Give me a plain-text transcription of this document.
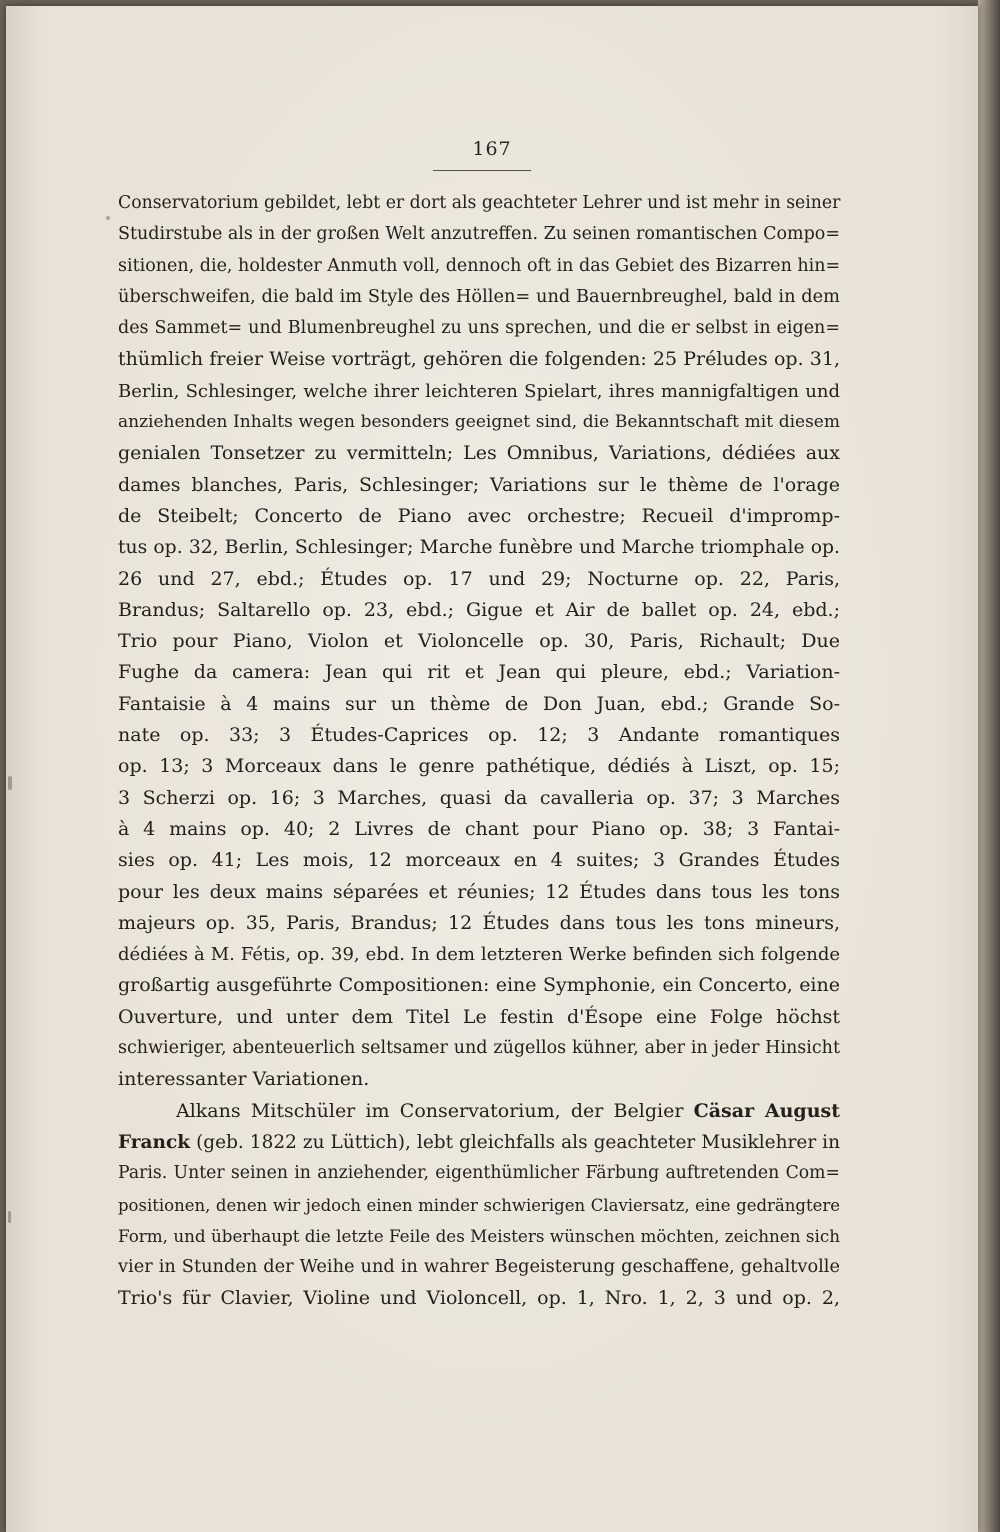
167
Conservatorium gebildet, lebt er dort als geachteter Lehrer und ist mehr in seiner
Studirstube als in der großen Welt anzutreffen. Zu seinen romantischen Compo=
sitionen, die, holdester Anmuth voll, dennoch oft in das Gebiet des Bizarren hin=
überschweifen, die bald im Style des Höllen= und Bauernbreughel, bald in dem
des Sammet= und Blumenbreughel zu uns sprechen, und die er selbst in eigen=
thümlich freier Weise vorträgt, gehören die folgenden: 25 Préludes op. 31,
Berlin, Schlesinger, welche ihrer leichteren Spielart, ihres mannigfaltigen und
anziehenden Inhalts wegen besonders geeignet sind, die Bekanntschaft mit diesem
genialen Tonsetzer zu vermitteln; Les Omnibus, Variations, dédiées aux
dames blanches, Paris, Schlesinger; Variations sur le thème de l'orage
de Steibelt; Concerto de Piano avec orchestre; Recueil d'impromp-
tus op. 32, Berlin, Schlesinger; Marche funèbre und Marche triomphale op.
26 und 27, ebd.; Études op. 17 und 29; Nocturne op. 22, Paris,
Brandus; Saltarello op. 23, ebd.; Gigue et Air de ballet op. 24, ebd.;
Trio pour Piano, Violon et Violoncelle op. 30, Paris, Richault; Due
Fughe da camera: Jean qui rit et Jean qui pleure, ebd.; Variation-
Fantaisie à 4 mains sur un thème de Don Juan, ebd.; Grande So-
nate op. 33; 3 Études-Caprices op. 12; 3 Andante romantiques
op. 13; 3 Morceaux dans le genre pathétique, dédiés à Liszt, op. 15;
3 Scherzi op. 16; 3 Marches, quasi da cavalleria op. 37; 3 Marches
à 4 mains op. 40; 2 Livres de chant pour Piano op. 38; 3 Fantai-
sies op. 41; Les mois, 12 morceaux en 4 suites; 3 Grandes Études
pour les deux mains séparées et réunies; 12 Études dans tous les tons
majeurs op. 35, Paris, Brandus; 12 Études dans tous les tons mineurs,
dédiées à M. Fétis, op. 39, ebd. In dem letzteren Werke befinden sich folgende
großartig ausgeführte Compositionen: eine Symphonie, ein Concerto, eine
Ouverture, und unter dem Titel Le festin d'Ésope eine Folge höchst
schwieriger, abenteuerlich seltsamer und zügellos kühner, aber in jeder Hinsicht
interessanter Variationen.
Alkans Mitschüler im Conservatorium, der Belgier Cäsar August
Franck (geb. 1822 zu Lüttich), lebt gleichfalls als geachteter Musiklehrer in
Paris. Unter seinen in anziehender, eigenthümlicher Färbung auftretenden Com=
positionen, denen wir jedoch einen minder schwierigen Claviersatz, eine gedrängtere
Form, und überhaupt die letzte Feile des Meisters wünschen möchten, zeichnen sich
vier in Stunden der Weihe und in wahrer Begeisterung geschaffene, gehaltvolle
Trio's für Clavier, Violine und Violoncell, op. 1, Nro. 1, 2, 3 und op. 2,
